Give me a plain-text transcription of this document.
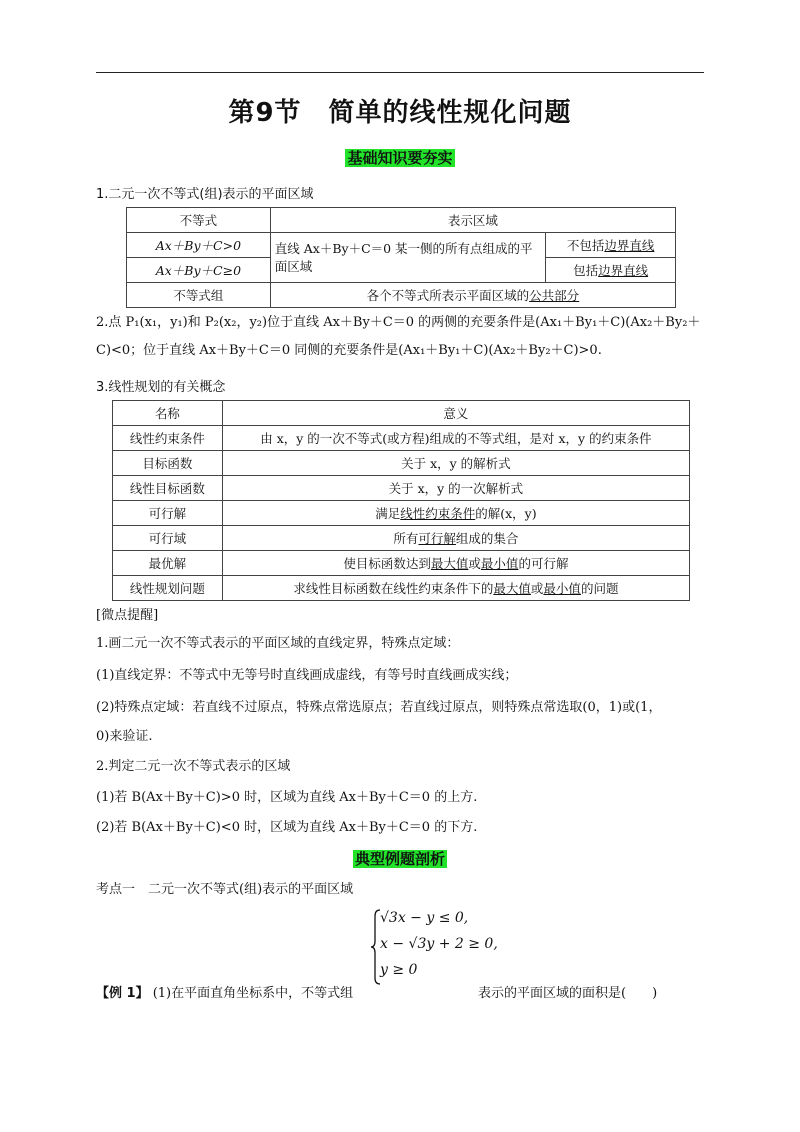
第9节　简单的线性规化问题
基础知识要夯实
1.二元一次不等式(组)表示的平面区域
不等式	表示区域	
Ax＋By＋C>0	直线 Ax＋By＋C＝0 某一侧的所有点组成的平面区域	不包括边界直线
Ax＋By＋C≥0		包括边界直线
不等式组	各个不等式所表示平面区域的公共部分	
2.点 P₁(x₁，y₁)和 P₂(x₂，y₂)位于直线 Ax＋By＋C＝0 的两侧的充要条件是(Ax₁＋By₁＋C)(Ax₂＋By₂＋
C)<0；位于直线 Ax＋By＋C＝0 同侧的充要条件是(Ax₁＋By₁＋C)(Ax₂＋By₂＋C)>0.
3.线性规划的有关概念
名称	意义
线性约束条件	由 x，y 的一次不等式(或方程)组成的不等式组，是对 x，y 的约束条件
目标函数	关于 x，y 的解析式
线性目标函数	关于 x，y 的一次解析式
可行解	满足线性约束条件的解(x，y)
可行域	所有可行解组成的集合
最优解	使目标函数达到最大值或最小值的可行解
线性规划问题	求线性目标函数在线性约束条件下的最大值或最小值的问题
[微点提醒]
1.画二元一次不等式表示的平面区域的直线定界，特殊点定域：
(1)直线定界：不等式中无等号时直线画成虚线，有等号时直线画成实线；
(2)特殊点定域：若直线不过原点，特殊点常选原点；若直线过原点，则特殊点常选取(0，1)或(1，
0)来验证.
2.判定二元一次不等式表示的区域
(1)若 B(Ax＋By＋C)>0 时，区域为直线 Ax＋By＋C＝0 的上方.
(2)若 B(Ax＋By＋C)<0 时，区域为直线 Ax＋By＋C＝0 的下方.
典型例题剖析
考点一　二元一次不等式(组)表示的平面区域
√3x − y ≤ 0,
x − √3y + 2 ≥ 0,
y ≥ 0
【例 1】 (1)在平面直角坐标系中，不等式组	表示的平面区域的面积是(　　)
